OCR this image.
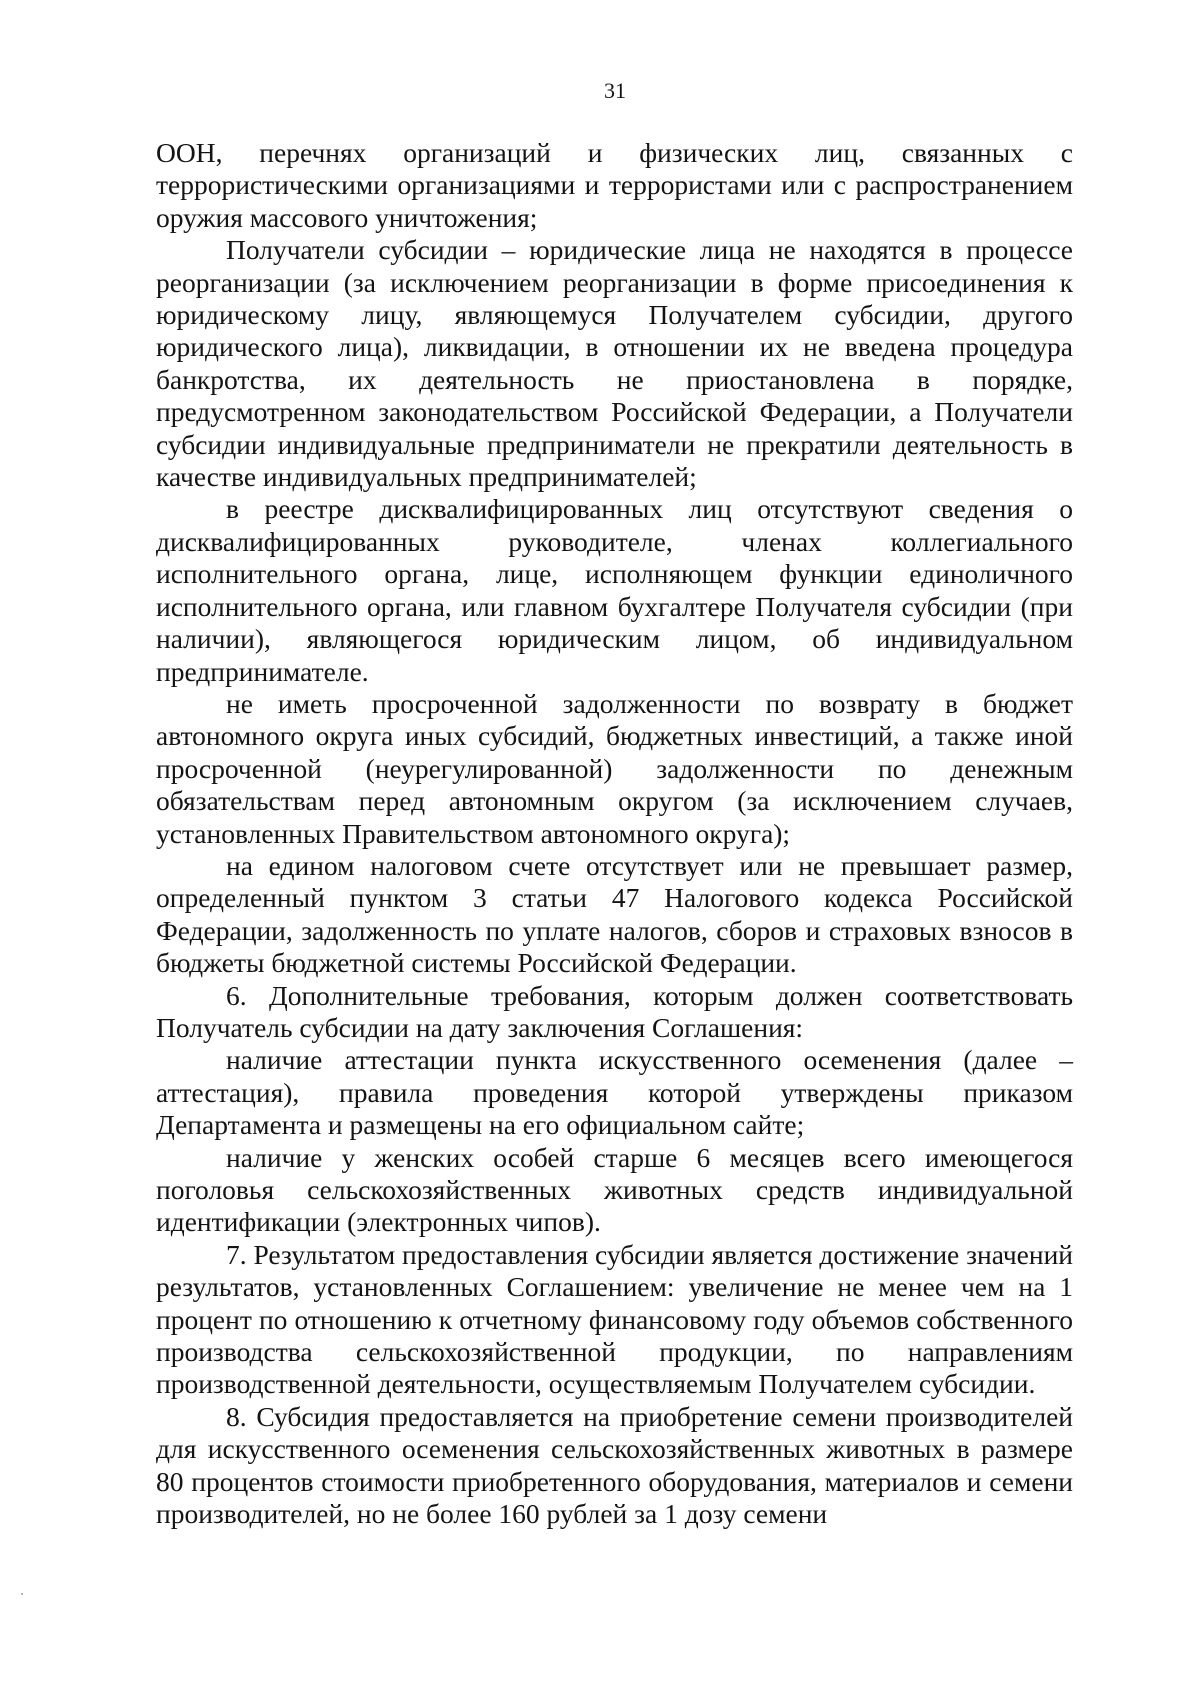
31

ООН, перечнях организаций и физических лиц, связанных с террористическими организациями и террористами или с распространением оружия массового уничтожения;

Получатели субсидии – юридические лица не находятся в процессе реорганизации (за исключением реорганизации в форме присоединения к юридическому лицу, являющемуся Получателем субсидии, другого юридического лица), ликвидации, в отношении их не введена процедура банкротства, их деятельность не приостановлена в порядке, предусмотренном законодательством Российской Федерации, а Получатели субсидии индивидуальные предприниматели не прекратили деятельность в качестве индивидуальных предпринимателей;

в реестре дисквалифицированных лиц отсутствуют сведения о дисквалифицированных руководителе, членах коллегиального исполнительного органа, лице, исполняющем функции единоличного исполнительного органа, или главном бухгалтере Получателя субсидии (при наличии), являющегося юридическим лицом, об индивидуальном предпринимателе.

не иметь просроченной задолженности по возврату в бюджет автономного округа иных субсидий, бюджетных инвестиций, а также иной просроченной (неурегулированной) задолженности по денежным обязательствам перед автономным округом (за исключением случаев, установленных Правительством автономного округа);

на едином налоговом счете отсутствует или не превышает размер, определенный пунктом 3 статьи 47 Налогового кодекса Российской Федерации, задолженность по уплате налогов, сборов и страховых взносов в бюджеты бюджетной системы Российской Федерации.

6. Дополнительные требования, которым должен соответствовать Получатель субсидии на дату заключения Соглашения:

наличие аттестации пункта искусственного осеменения (далее – аттестация), правила проведения которой утверждены приказом Департамента и размещены на его официальном сайте;

наличие у женских особей старше 6 месяцев всего имеющегося поголовья сельскохозяйственных животных средств индивидуальной идентификации (электронных чипов).

7. Результатом предоставления субсидии является достижение значений результатов, установленных Соглашением: увеличение не менее чем на 1 процент по отношению к отчетному финансовому году объемов собственного производства сельскохозяйственной продукции, по направлениям производственной деятельности, осуществляемым Получателем субсидии.

8. Субсидия предоставляется на приобретение семени производителей для искусственного осеменения сельскохозяйственных животных в размере 80 процентов стоимости приобретенного оборудования, материалов и семени производителей, но не более 160 рублей за 1 дозу семени
